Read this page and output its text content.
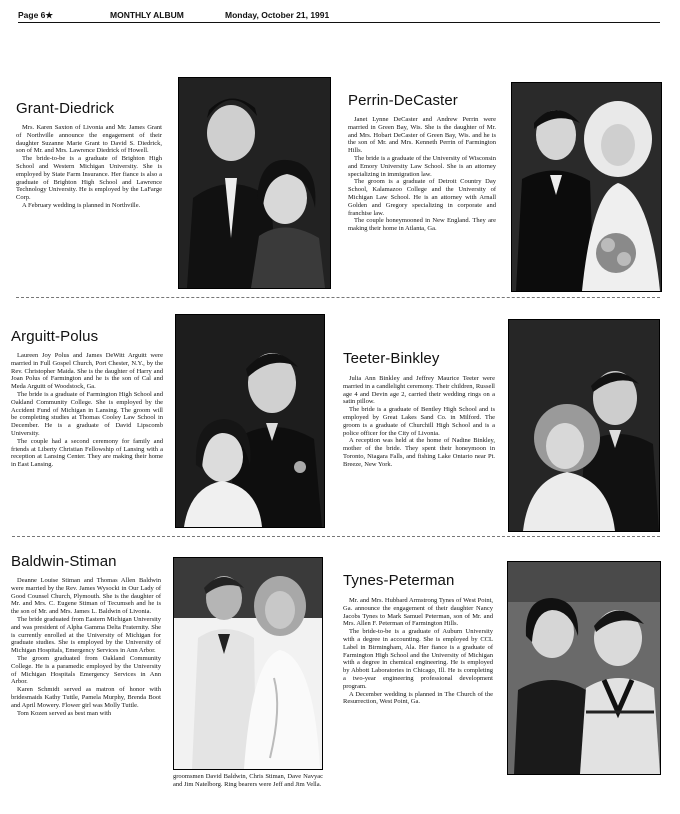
Page 6★	MONTHLY ALBUM	Monday, October 21, 1991
Grant-Diedrick

Mrs. Karen Saxton of Livonia and Mr. James Grant of Northville announce the engagement of their daughter Suzanne Marie Grant to David S. Diedrick, son of Mr. and Mrs. Lawrence Diedrick of Howell.

The bride-to-be is a graduate of Brighton High School and Western Michigan University. She is employed by State Farm Insurance. Her fiance is also a graduate of Brighton High School and Lawrence Technology University. He is employed by the LaFarge Corp.

A February wedding is planned in Northville.

Perrin-DeCaster

Janet Lynne DeCaster and Andrew Perrin were married in Green Bay, Wis. She is the daughter of Mr. and Mrs. Hobart DeCaster of Green Bay, Wis. and he is the son of Mr. and Mrs. Kenneth Perrin of Farmington Hills.

The bride is a graduate of the University of Wisconsin and Emory University Law School. She is an attorney specializing in immigration law.

The groom is a graduate of Detroit Country Day School, Kalamazoo College and the University of Michigan Law School. He is an attorney with Arnall Golden and Gregory specializing in corporate and franchise law.

The couple honeymooned in New England. They are making their home in Atlanta, Ga.

Arguitt-Polus

Laureen Joy Polus and James DeWitt Arguitt were married in Full Gospel Church, Port Chester, N.Y., by the Rev. Christopher Maida. She is the daughter of Harry and Joan Polus of Farmington and he is the son of Cal and Meda Arguitt of Woodstock, Ga.

The bride is a graduate of Farmington High School and Oakland Community College. She is employed by the Accident Fund of Michigan in Lansing. The groom will be completing studies at Thomas Cooley Law School in December. He is a graduate of David Lipscomb University.

The couple had a second ceremony for family and friends at Liberty Christian Fellowship of Lansing with a reception at Lansing Center. They are making their home in East Lansing.

Teeter-Binkley

Julia Ann Binkley and Jeffrey Maurice Teeter were married in a candlelight ceremony. Their children, Russell age 4 and Devin age 2, carried their wedding rings on a satin pillow.

The bride is a graduate of Bentley High School and is employed by Great Lakes Sand Co. in Milford. The groom is a graduate of Churchill High School and is a police officer for the City of Livonia.

A reception was held at the home of Nadine Binkley, mother of the bride. They spent their honeymoon in Toronto, Niagara Falls, and fishing Lake Ontario near Pt. Breeze, New York.

Baldwin-Stiman

Deanne Louise Stiman and Thomas Allen Baldwin were married by the Rev. James Wysocki in Our Lady of Good Counsel Church, Plymouth. She is the daughter of Mr. and Mrs. C. Eugene Stiman of Tecumseh and he is the son of Mr. and Mrs. James L. Baldwin of Livonia.

The bride graduated from Eastern Michigan University and was president of Alpha Gamma Delta Fraternity. She is currently enrolled at the University of Michigan for graduate studies. She is employed by the University of Michigan Hospitals, Emergency Services in Ann Arbor.

The groom graduated from Oakland Community College. He is a paramedic employed by the University of Michigan Hospitals Emergency Services in Ann Arbor.

Karen Schmidt served as matron of honor with bridesmaids Kathy Tuttle, Pamela Murphy, Brenda Boot and April Mowery. Flower girl was Molly Tuttle.

Tom Kozen served as best man with

groomsmen David Baldwin, Chris Stiman, Dave Navyac and Jim Natelborg. Ring bearers were Jeff and Jim Vella.

Tynes-Peterman

Mr. and Mrs. Hubbard Armstrong Tynes of West Point, Ga. announce the engagement of their daughter Nancy Jacobs Tynes to Mark Samuel Peterman, son of Mr. and Mrs. Allen F. Peterman of Farmington Hills.

The bride-to-be is a graduate of Auburn University with a degree in accounting. She is employed by CCL Label in Birmingham, Ala. Her fiance is a graduate of Farmington High School and the University of Michigan with a degree in chemical engineering. He is employed by Abbott Laboratories in Chicago, Ill. He is completing a two-year engineering professional development program.

A December wedding is planned in The Church of the Resurrection, West Point, Ga.
